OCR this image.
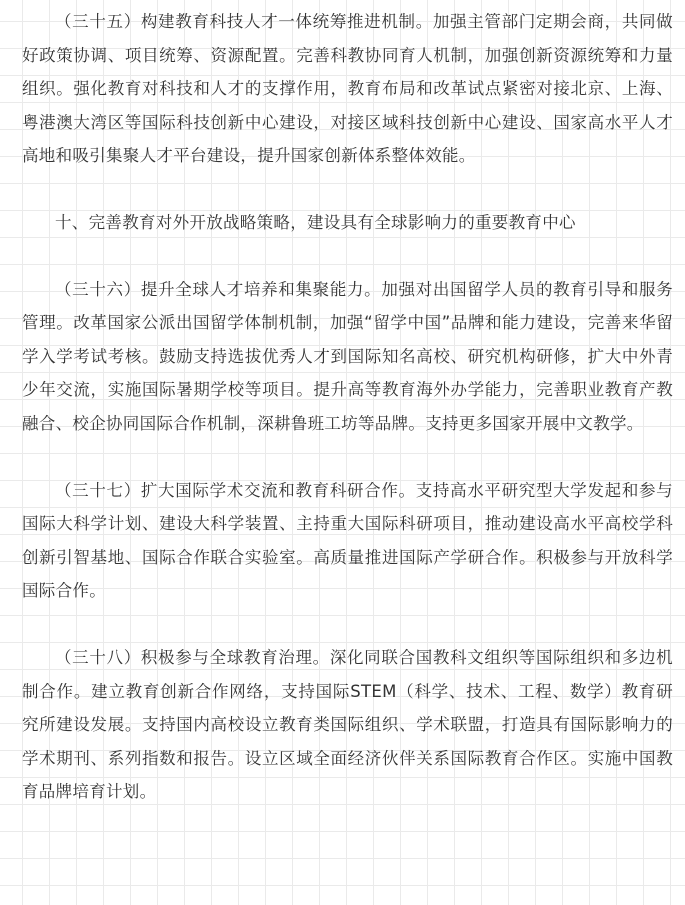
（三十五）构建教育科技人才一体统筹推进机制。加强主管部门定期会商，共同做好政策协调、项目统筹、资源配置。完善科教协同育人机制，加强创新资源统筹和力量组织。强化教育对科技和人才的支撑作用，教育布局和改革试点紧密对接北京、上海、粤港澳大湾区等国际科技创新中心建设，对接区域科技创新中心建设、国家高水平人才高地和吸引集聚人才平台建设，提升国家创新体系整体效能。

十、完善教育对外开放战略策略，建设具有全球影响力的重要教育中心

（三十六）提升全球人才培养和集聚能力。加强对出国留学人员的教育引导和服务管理。改革国家公派出国留学体制机制，加强“留学中国”品牌和能力建设，完善来华留学入学考试考核。鼓励支持选拔优秀人才到国际知名高校、研究机构研修，扩大中外青少年交流，实施国际暑期学校等项目。提升高等教育海外办学能力，完善职业教育产教融合、校企协同国际合作机制，深耕鲁班工坊等品牌。支持更多国家开展中文教学。

（三十七）扩大国际学术交流和教育科研合作。支持高水平研究型大学发起和参与国际大科学计划、建设大科学装置、主持重大国际科研项目，推动建设高水平高校学科创新引智基地、国际合作联合实验室。高质量推进国际产学研合作。积极参与开放科学国际合作。

（三十八）积极参与全球教育治理。深化同联合国教科文组织等国际组织和多边机制合作。建立教育创新合作网络，支持国际STEM（科学、技术、工程、数学）教育研究所建设发展。支持国内高校设立教育类国际组织、学术联盟，打造具有国际影响力的学术期刊、系列指数和报告。设立区域全面经济伙伴关系国际教育合作区。实施中国教育品牌培育计划。
